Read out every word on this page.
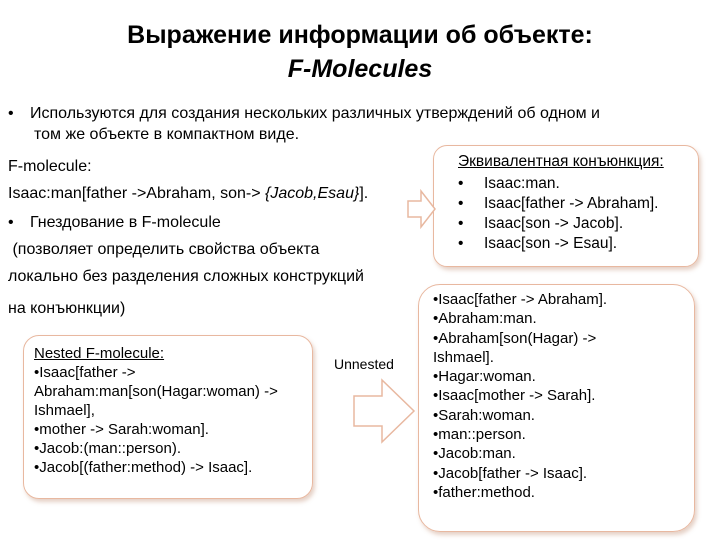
Выражение информации об объекте:
F-Molecules
• Используются для создания нескольких различных утверждений об одном и
том же объекте в компактном виде.
F-molecule:
Isaac:man[father ->Abraham, son-> {Jacob,Esau}].
• Гнездование в F-molecule
(позволяет определить свойства объекта
локально без разделения сложных конструкций
на конъюнкции)
Эквивалентная конъюнкция:
• Isaac:man.
• Isaac[father -> Abraham].
• Isaac[son -> Jacob].
• Isaac[son -> Esau].
Nested F-molecule:
•Isaac[father ->
Abraham:man[son(Hagar:woman) ->
Ishmael],
•mother -> Sarah:woman].
•Jacob:(man::person).
•Jacob[(father:method) -> Isaac].
Unnested
•Isaac[father -> Abraham].
•Abraham:man.
•Abraham[son(Hagar) ->
Ishmael].
•Hagar:woman.
•Isaac[mother -> Sarah].
•Sarah:woman.
•man::person.
•Jacob:man.
•Jacob[father -> Isaac].
•father:method.
